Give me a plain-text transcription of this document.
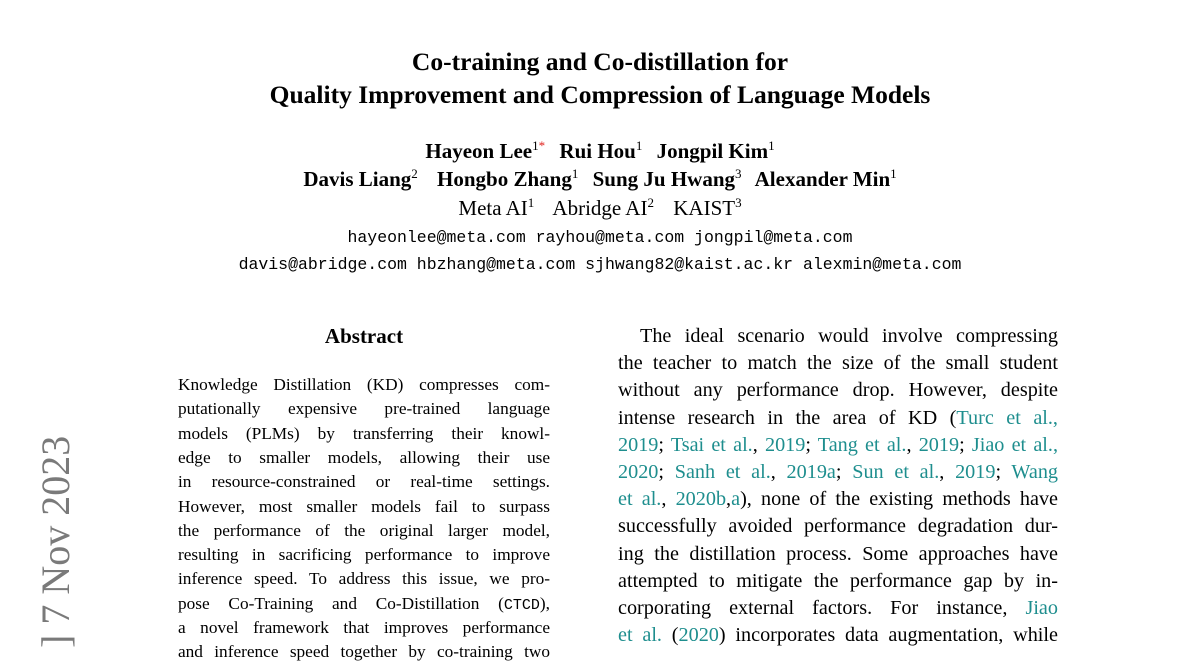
] 7 Nov 2023
Co-training and Co-distillation for
Quality Improvement and Compression of Language Models
Hayeon Lee$^{1*}$ Rui Hou$^1$ Jongpil Kim$^1$
Davis Liang$^2$ Hongbo Zhang$^1$ Sung Ju Hwang$^3$ Alexander Min$^1$
Meta $AI^1$ Abridge $AI^2$ KAIST$^3$
hayeonlee@meta.com rayhou@meta.com jongpil@meta.com
davis@abridge.com hbzhang@meta.com sjhwang82@kaist.ac.kr alexmin@meta.com
Abstract
Knowledge Distillation (KD) compresses com-
putationally expensive pre-trained language
models (PLMs) by transferring their knowl-
edge to smaller models, allowing their use
in resource-constrained or real-time settings.
However, most smaller models fail to surpass
the performance of the original larger model,
resulting in sacrificing performance to improve
inference speed. To address this issue, we pro-
pose Co-Training and Co-Distillation (CTCD),
a novel framework that improves performance
and inference speed together by co-training two
The ideal scenario would involve compressing
the teacher to match the size of the small student
without any performance drop. However, despite
intense research in the area of KD (Turc et al.,
2019; Tsai et al., 2019; Tang et al., 2019; Jiao et al.,
2020; Sanh et al., 2019a; Sun et al., 2019; Wang
et al., 2020b,a), none of the existing methods have
successfully avoided performance degradation dur-
ing the distillation process. Some approaches have
attempted to mitigate the performance gap by in-
corporating external factors. For instance, Jiao
et al. (2020) incorporates data augmentation, while
